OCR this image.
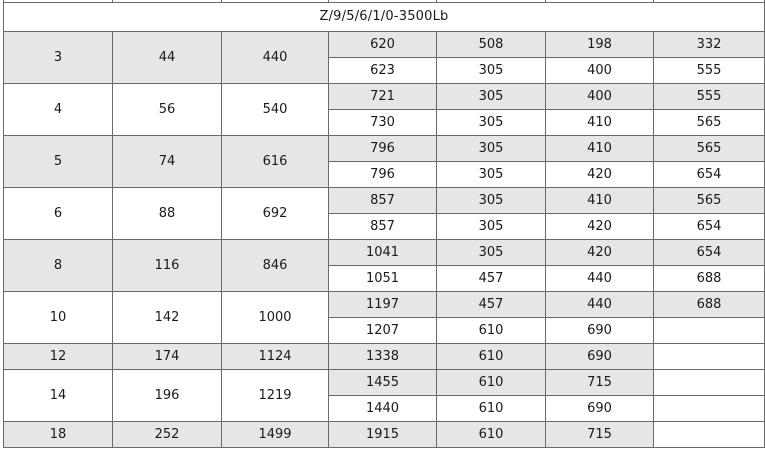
Z/9/5/6/1/0-3500Lb						
3	44	440	620	508	198	332
			623	305	400	555
4	56	540	721	305	400	555
			730	305	410	565
5	74	616	796	305	410	565
			796	305	420	654
6	88	692	857	305	410	565
			857	305	420	654
8	116	846	1041	305	420	654
			1051	457	440	688
10	142	1000	1197	457	440	688
			1207	610	690	
12	174	1124	1338	610	690	
14	196	1219	1455	610	715	
			1440	610	690	
18	252	1499	1915	610	715	
